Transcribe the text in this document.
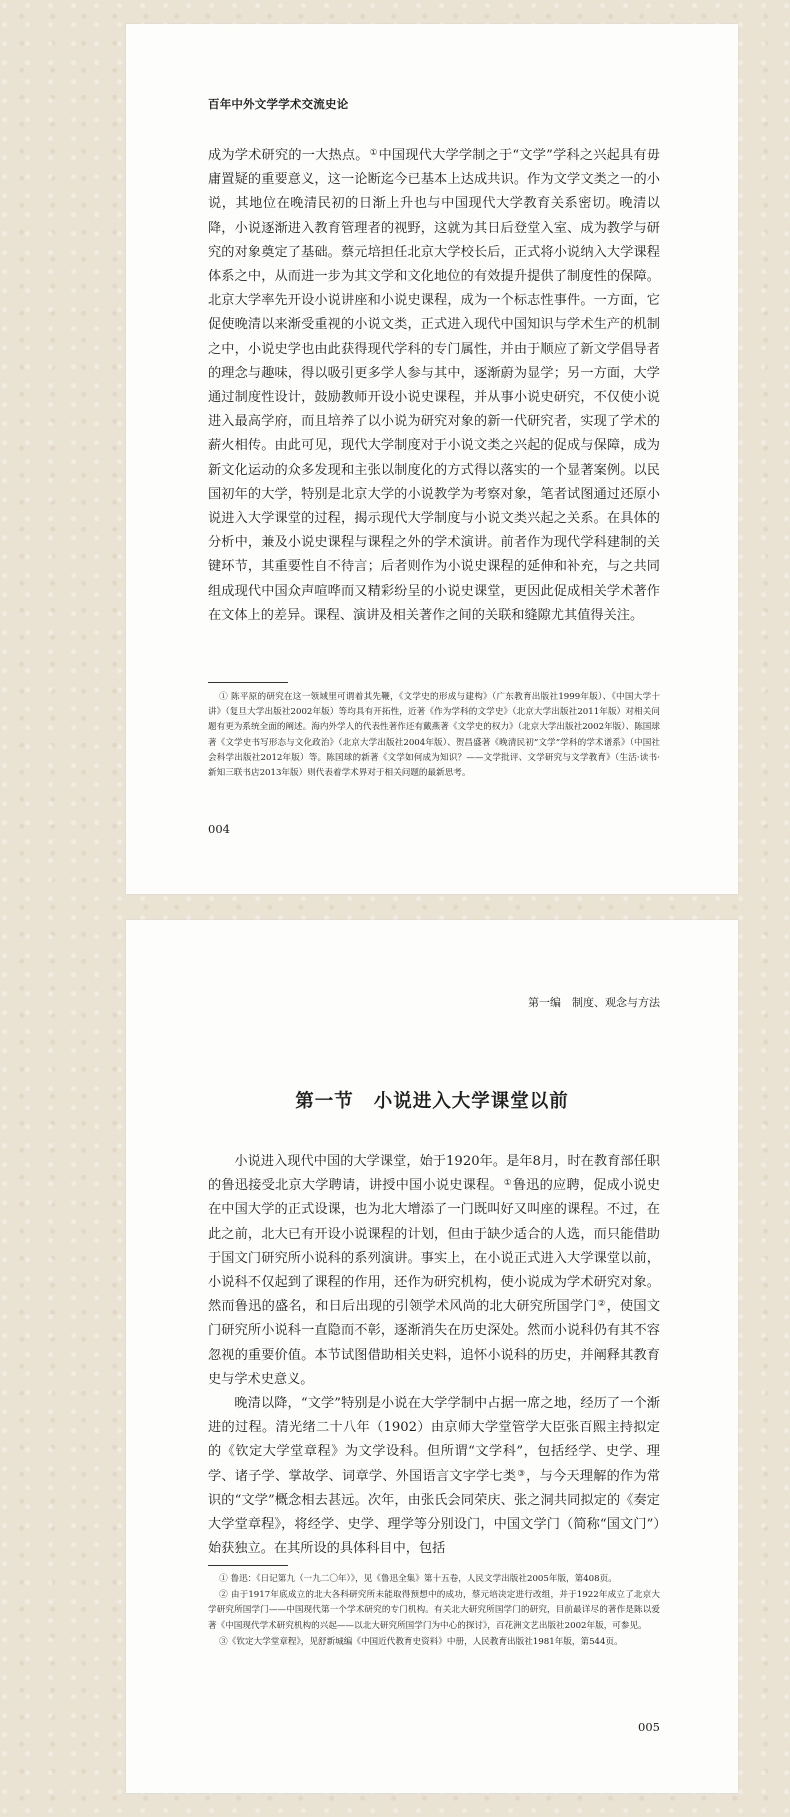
百年中外文学学术交流史论

成为学术研究的一大热点。①中国现代大学学制之于“文学”学科之兴起具有毋庸置疑的重要意义，这一论断迄今已基本上达成共识。作为文学文类之一的小说，其地位在晚清民初的日渐上升也与中国现代大学教育关系密切。晚清以降，小说逐渐进入教育管理者的视野，这就为其日后登堂入室、成为教学与研究的对象奠定了基础。蔡元培担任北京大学校长后，正式将小说纳入大学课程体系之中，从而进一步为其文学和文化地位的有效提升提供了制度性的保障。北京大学率先开设小说讲座和小说史课程，成为一个标志性事件。一方面，它促使晚清以来渐受重视的小说文类，正式进入现代中国知识与学术生产的机制之中，小说史学也由此获得现代学科的专门属性，并由于顺应了新文学倡导者的理念与趣味，得以吸引更多学人参与其中，逐渐蔚为显学；另一方面，大学通过制度性设计，鼓励教师开设小说史课程，并从事小说史研究，不仅使小说进入最高学府，而且培养了以小说为研究对象的新一代研究者，实现了学术的薪火相传。由此可见，现代大学制度对于小说文类之兴起的促成与保障，成为新文化运动的众多发现和主张以制度化的方式得以落实的一个显著案例。以民国初年的大学，特别是北京大学的小说教学为考察对象，笔者试图通过还原小说进入大学课堂的过程，揭示现代大学制度与小说文类兴起之关系。在具体的分析中，兼及小说史课程与课程之外的学术演讲。前者作为现代学科建制的关键环节，其重要性自不待言；后者则作为小说史课程的延伸和补充，与之共同组成现代中国众声喧哗而又精彩纷呈的小说史课堂，更因此促成相关学术著作在文体上的差异。课程、演讲及相关著作之间的关联和缝隙尤其值得关注。

① 陈平原的研究在这一领域里可谓着其先鞭，《文学史的形成与建构》（广东教育出版社1999年版）、《中国大学十讲》（复旦大学出版社2002年版）等均具有开拓性，近著《作为学科的文学史》（北京大学出版社2011年版）对相关问题有更为系统全面的阐述。海内外学人的代表性著作还有戴燕著《文学史的权力》（北京大学出版社2002年版）、陈国球著《文学史书写形态与文化政治》（北京大学出版社2004年版）、贺昌盛著《晚清民初“文学”学科的学术谱系》（中国社会科学出版社2012年版）等。陈国球的新著《文学如何成为知识？——文学批评、文学研究与文学教育》（生活·读书·新知三联书店2013年版）则代表着学术界对于相关问题的最新思考。

004
第一编　制度、观念与方法
第一节 小说进入大学课堂以前

小说进入现代中国的大学课堂，始于1920年。是年8月，时在教育部任职的鲁迅接受北京大学聘请，讲授中国小说史课程。①鲁迅的应聘，促成小说史在中国大学的正式设课，也为北大增添了一门既叫好又叫座的课程。不过，在此之前，北大已有开设小说课程的计划，但由于缺少适合的人选，而只能借助于国文门研究所小说科的系列演讲。事实上，在小说正式进入大学课堂以前，小说科不仅起到了课程的作用，还作为研究机构，使小说成为学术研究对象。然而鲁迅的盛名，和日后出现的引领学术风尚的北大研究所国学门②，使国文门研究所小说科一直隐而不彰，逐渐消失在历史深处。然而小说科仍有其不容忽视的重要价值。本节试图借助相关史料，追怀小说科的历史，并阐释其教育史与学术史意义。

晚清以降，“文学”特别是小说在大学学制中占据一席之地，经历了一个渐进的过程。清光绪二十八年（1902）由京师大学堂管学大臣张百熙主持拟定的《钦定大学堂章程》为文学设科。但所谓“文学科”，包括经学、史学、理学、诸子学、掌故学、词章学、外国语言文字学七类③，与今天理解的作为常识的“文学”概念相去甚远。次年，由张氏会同荣庆、张之洞共同拟定的《奏定大学堂章程》，将经学、史学、理学等分别设门，中国文学门（简称“国文门”）始获独立。在其所设的具体科目中，包括

① 鲁迅：《日记第九（一九二〇年）》，见《鲁迅全集》第十五卷，人民文学出版社2005年版，第408页。

② 由于1917年底成立的北大各科研究所未能取得预想中的成功，蔡元培决定进行改组，并于1922年成立了北京大学研究所国学门——中国现代第一个学术研究的专门机构。有关北大研究所国学门的研究，目前最详尽的著作是陈以爱著《中国现代学术研究机构的兴起——以北大研究所国学门为中心的探讨》，百花洲文艺出版社2002年版，可参见。

③《钦定大学堂章程》，见舒新城编《中国近代教育史资料》中册，人民教育出版社1981年版，第544页。

005
